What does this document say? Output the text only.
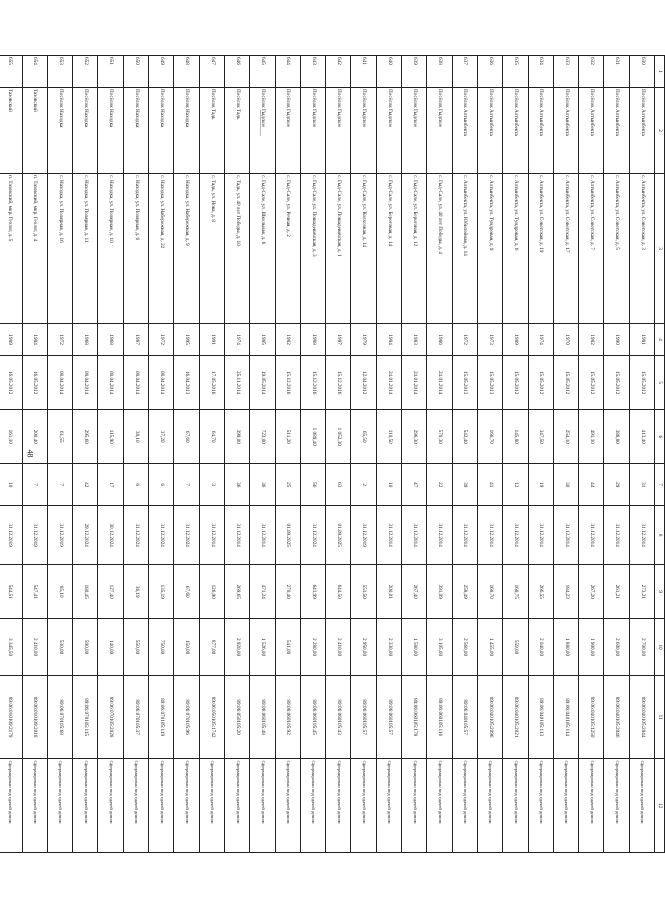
48
1	2	3	4	5	6	7	8	9	10	11	12
630	Посёлок Алтынбекта	с. Алтынбекта, ул. Советская, д. 3	1981	15.05.2012	413,40	31	31.12.2014	273,21	2 700,00	89:06:040105:2044	Сформирован под сдачей домом
631	Посёлок Алтынбекта	с. Алтынбекта, ул. Советская, д. 5	1990	15.05.2012	388,80	29	31.12.2014	261,21	2 600,00	89:06:040105:2046	Сформирован под сдачей домом
632	Посёлок Алтынбекта	с. Алтынбекта, ул. Советская, д. 7	1982	15.05.2012	491,10	44	31.12.2014	267,20	1 900,00	89:06:040105:1250	Сформирован под сдачей домом
633	Посёлок Алтынбекта	с. Алтынбекта, ул. Советская, д. 17	1970	15.05.2012	254,10	30	31.12.2014	184,23	1 880,00	89:06:040105:114	Сформирован под сдачей домом
634	Посёлок Алтынбекта	с. Алтынбекта, ул. Советская, д. 19	1974	15.05.2012	347,50	19	31.12.2014	266,55	2 040,00	89:06:040105:113	Сформирован под сдачей домом
635	Посёлок Алтынбекта	с. Алтынбекта, ул. Тундровая, д. 6	1989	15.05.2012	145,80	12	31.12.2014	168,75	559,00	89:06:040105:2021	Сформирован под сдачей домом
636	Посёлок Алтынбекта	с. Алтынбекта, ул. Тундровая, д. 9	1973	15.05.2013	168,70	41	31.12.2014	168,70	1 455,00	89:06:040105:2096	Сформирован под сдачей домом
637	Посёлок Алтынбекта	с. Алтынбекта, ул. Юбилейная, д. 14	1972	15.05.2013	542,40	39	31.12.2014	258,49	2 560,00	89:06:040105:57	Сформирован под сдачей домом
638	Посёлок Гыдское	с. Гыд-Сале, ул. 40 лет Победы, д. 4	1986	24.01.2014	570,30	22	31.12.2014	391,09	3 105,00	89:06:060105:116	Сформирован под сдачей домом
639	Посёлок Гыдское	с. Гыд-Сале, ул. Береговая, д. 12	1983	24.01.2014	298,30	47	31.12.2014	267,40	1 580,00	89:06:060105:178	Сформирован под сдачей домом
640	Посёлок Гыдское	с. Гыд-Сале, ул. Береговая, д. 14	1984	24.01.2014	110,50	10	31.12.2014	200,01	2 330,00	89:06:060105:57	Сформирован под сдачей домом
641	Посёлок Гыдское	с. Гыд-Сале, ул. Колхозная, д. 14	1979	12.04.2012	65,50	2	31.12.2019	551,50	2 950,00	89:06:060105:57	Сформирован под сдачей домом
642	Посёлок Гыдское	с. Гыд-Сале, ул. Пошадевичская, д. 1	1987	15.12.2016	1 052,30	63	01.09.2025	644,50	2 410,00	89:06:060105:43	Сформирован под сдачей домом
643	Посёлок Гыдское	с. Гыд-Сале, ул. Пошадевичская, д. 3	1988	15.12.2016	1 089,40	56	31.12.2024	641,99	2 280,00	89:06:060105:45	Сформирован под сдачей домом
644	Посёлок Гыдское	с. Гыд-Сале, ул. Речная, д. 2	1982	15.12.2016	511,20	25	01.09.2025	270,40	541,00	89:06:060105:92	Сформирован под сдачей домом
645	Посёлок Гыдское	с. Гыд-Сале, ул. Школьная, д. 6	1985	19.05.2014	723,00	36	31.12.2014	471,24	1 526,00	89:06:060105:48	Сформирован под сдачей домом
646	Посёлок Тадь	с. Тадь, ул. 40 лет Победы, д. 10	1974	25.11.2014	399,00	36	31.12.2014	269,65	2 920,00	89:06:050105:20	Сформирован под сдачей домом
647	Посёлок Тадь	с. Тадь, ул. Нова, д. 8	1991	17.05.2016	64,70	3	31.12.2014	126,90	877,00	89:06:050105:1742	Сформирован под сдачей домом
648	Посёлок Находка	с. Находка, ул. Набережная, д. 9	1995	16.04.2013	67,60	7	31.12.2024	67,60	150,00	89:06:070105:96	Сформирован под сдачей домом
649	Посёлок Находка	с. Находка, ул. Набережная, д. 22	1972	08.04.2014	37,20	6	31.12.2024	135,19	750,00	89:06:070105:119	Сформирован под сдачей домом
650	Посёлок Находка	с. Находка, ул. Полярная, д. 6	1987	08.04.2014	38,10	6	31.12.2024	36,19	550,00	89:06:070105:37	Сформирован под сдачей домом
651	Посёлок Находка	с. Находка, ул. Полярная, д. 10	1968	08.04.2014	115,90	17	30.12.2024	127,40	140,00	89:06:070105:2028	Сформирован под сдачей домом
652	Посёлок Находка	с. Находка, ул. Полярная, д. 11	1968	08.04.2014	295,60	42	29.12.2024	180,45	590,00	89:06:070105:115	Сформирован под сдачей домом
653	Посёлок Находка	с. Находка, ул. Полярная, д. 16	1972	08.04.2014	61,55	7	31.12.2019	85,10	530,00	89:06:070105:68	Сформирован под сдачей домом
654	Тазовский	п. Тазовский, мкр. Геолог, д. 4	1984	16.05.2012	200,40	7	31.12.2019	547,41	2 410,00	89:06:010109:2018	Сформирован под сдачей домом
655	Тазовский	п. Тазовский, мкр. Геолог, д. 5	1989	16.05.2012	161,10	10	31.12.2019	544,51	3 345,50	89:06:010109:2179	Сформирован под сдачей домом
